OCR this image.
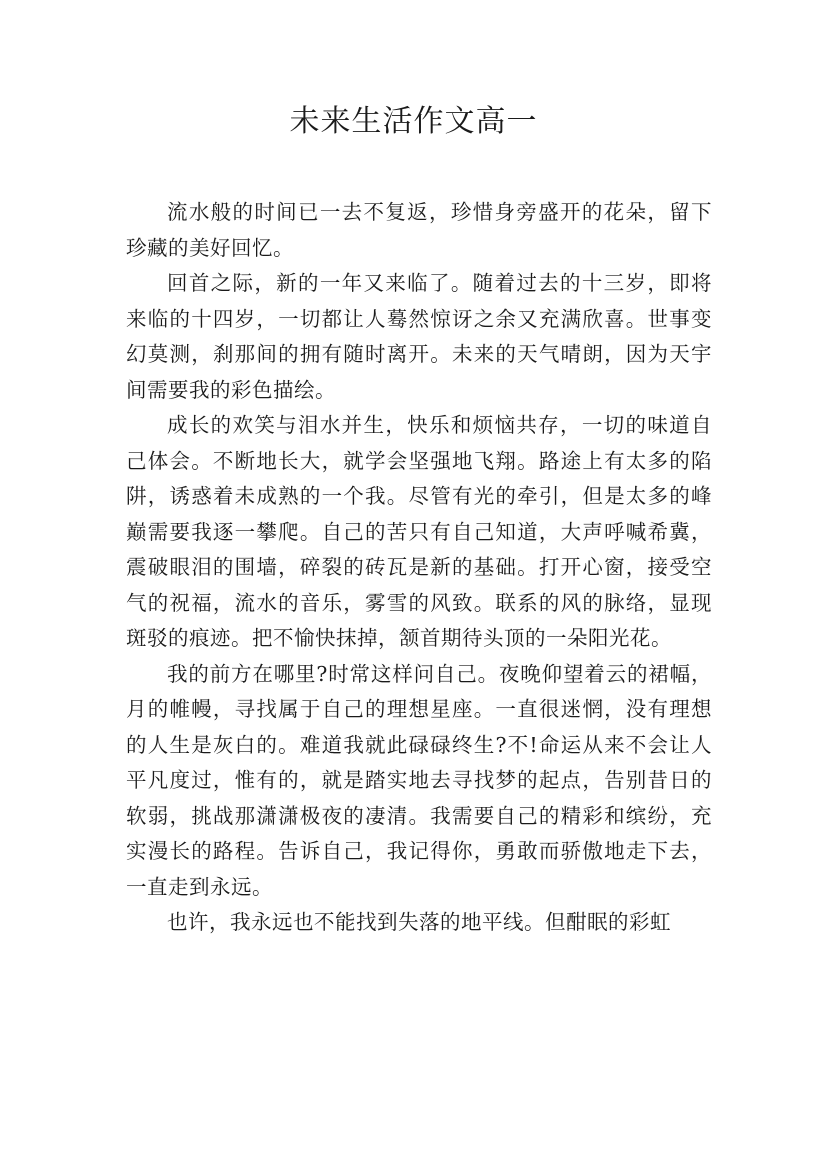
未来生活作文高一

流水般的时间已一去不复返，珍惜身旁盛开的花朵，留下珍藏的美好回忆。

回首之际，新的一年又来临了。随着过去的十三岁，即将来临的十四岁，一切都让人蓦然惊讶之余又充满欣喜。世事变幻莫测，刹那间的拥有随时离开。未来的天气晴朗，因为天宇间需要我的彩色描绘。

成长的欢笑与泪水并生，快乐和烦恼共存，一切的味道自己体会。不断地长大，就学会坚强地飞翔。路途上有太多的陷阱，诱惑着未成熟的一个我。尽管有光的牵引，但是太多的峰巅需要我逐一攀爬。自己的苦只有自己知道，大声呼喊希冀，震破眼泪的围墙，碎裂的砖瓦是新的基础。打开心窗，接受空气的祝福，流水的音乐，雾雪的风致。联系的风的脉络，显现斑驳的痕迹。把不愉快抹掉，颔首期待头顶的一朵阳光花。

我的前方在哪里?时常这样问自己。夜晚仰望着云的裙幅，月的帷幔，寻找属于自己的理想星座。一直很迷惘，没有理想的人生是灰白的。难道我就此碌碌终生?不!命运从来不会让人平凡度过，惟有的，就是踏实地去寻找梦的起点，告别昔日的软弱，挑战那潇潇极夜的凄清。我需要自己的精彩和缤纷，充实漫长的路程。告诉自己，我记得你，勇敢而骄傲地走下去，一直走到永远。

也许，我永远也不能找到失落的地平线。但酣眠的彩虹
